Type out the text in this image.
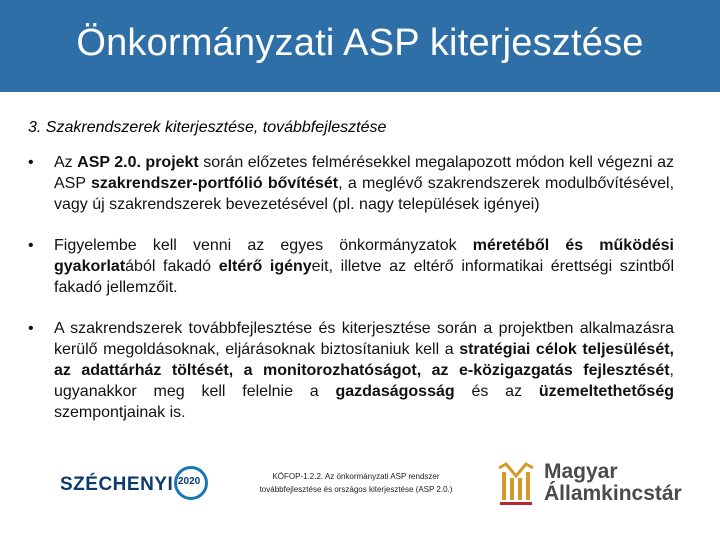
Önkormányzati ASP kiterjesztése
3. Szakrendszerek kiterjesztése, továbbfejlesztése
• Az ASP 2.0. projekt során előzetes felmérésekkel megalapozott módon kell végezni az ASP szakrendszer-portfólió bővítését, a meglévő szakrendszerek modulbővítésével, vagy új szakrendszerek bevezetésével (pl. nagy települések igényei)
• Figyelembe kell venni az egyes önkormányzatok méretéből és működési gyakorlatából fakadó eltérő igényeit, illetve az eltérő informatikai érettségi szintből fakadó jellemzőit.
• A szakrendszerek továbbfejlesztése és kiterjesztése során a projektben alkalmazásra kerülő megoldásoknak, eljárásoknak biztosítaniuk kell a stratégiai célok teljesülését, az adattárház töltését, a monitorozhatóságot, az e-közigazgatás fejlesztését, ugyanakkor meg kell felelnie a gazdaságosság és az üzemeltethetőség szempontjainak is.
SZÉCHENYI 2020	KÖFOP-1.2.2. Az önkormányzati ASP rendszer
továbbfejlesztése és országos kiterjesztése (ASP 2.0.)
Magyar
Államkincstár
